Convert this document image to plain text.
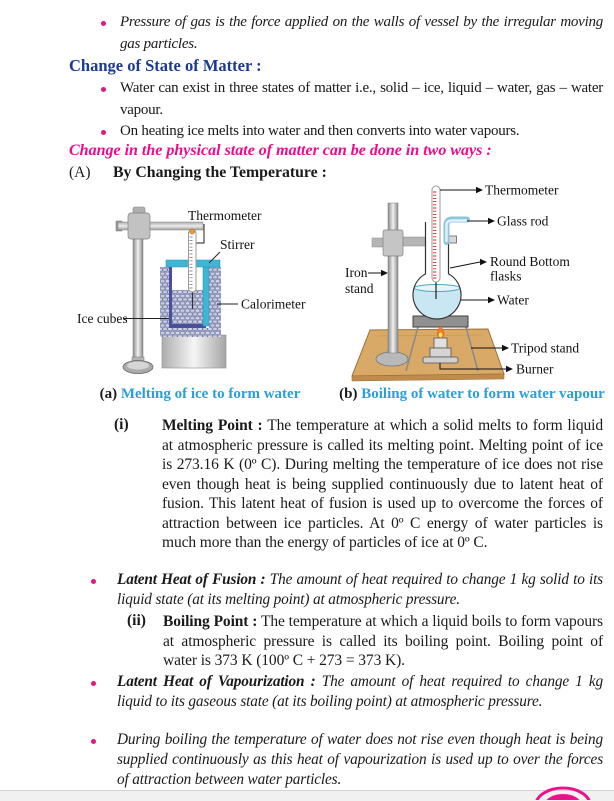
Pressure of gas is the force applied on the walls of vessel by the irregular moving gas particles.
Change of State of Matter :
Water can exist in three states of matter i.e., solid – ice, liquid – water, gas – water vapour.
On heating ice melts into water and then converts into water vapours.
Change in the physical state of matter can be done in two ways :
(A) By Changing the Temperature :
Thermometer
Stirrer
Calorimeter
Ice cubes
(a) Melting of ice to form water
Thermometer
Glass rod
Round Bottom
flasks
Water
Iron
stand
Tripod stand
Burner
(b) Boiling of water to form water vapour
(i) Melting Point : The temperature at which a solid melts to form liquid at atmospheric pressure is called its melting point. Melting point of ice is 273.16 K (0º C). During melting the temperature of ice does not rise even though heat is being supplied continuously due to latent heat of fusion. This latent heat of fusion is used up to overcome the forces of attraction between ice particles. At 0º C energy of water particles is much more than the energy of particles of ice at 0º C.
Latent Heat of Fusion : The amount of heat required to change 1 kg solid to its liquid state (at its melting point) at atmospheric pressure.
(ii) Boiling Point : The temperature at which a liquid boils to form vapours at atmospheric pressure is called its boiling point. Boiling point of water is 373 K (100º C + 273 = 373 K).
Latent Heat of Vapourization : The amount of heat required to change 1 kg liquid to its gaseous state (at its boiling point) at atmospheric pressure.
During boiling the temperature of water does not rise even though heat is being supplied continuously as this heat of vapourization is used up to over the forces of attraction between water particles.
